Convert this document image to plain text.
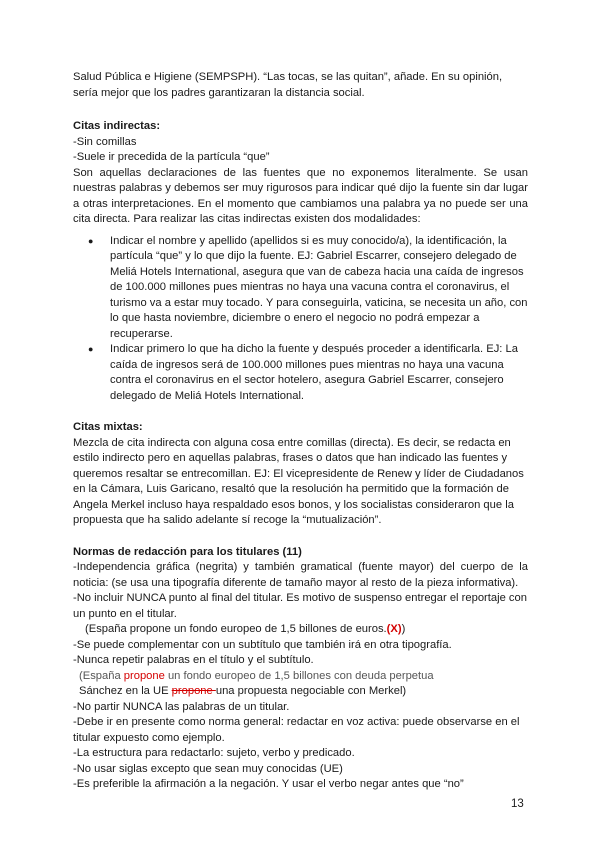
Salud Pública e Higiene (SEMPSPH). “Las tocas, se las quitan”, añade. En su opinión, sería mejor que los padres garantizaran la distancia social.

Citas indirectas:

-Sin comillas

-Suele ir precedida de la partícula “que”

Son aquellas declaraciones de las fuentes que no exponemos literalmente. Se usan nuestras palabras y debemos ser muy rigurosos para indicar qué dijo la fuente sin dar lugar a otras interpretaciones. En el momento que cambiamos una palabra ya no puede ser una cita directa. Para realizar las citas indirectas existen dos modalidades:

● Indicar el nombre y apellido (apellidos si es muy conocido/a), la identificación, la partícula “que” y lo que dijo la fuente. EJ: Gabriel Escarrer, consejero delegado de Meliá Hotels International, asegura que van de cabeza hacia una caída de ingresos de 100.000 millones pues mientras no haya una vacuna contra el coronavirus, el turismo va a estar muy tocado. Y para conseguirla, vaticina, se necesita un año, con lo que hasta noviembre, diciembre o enero el negocio no podrá empezar a recuperarse.
● Indicar primero lo que ha dicho la fuente y después proceder a identificarla. EJ: La caída de ingresos será de 100.000 millones pues mientras no haya una vacuna contra el coronavirus en el sector hotelero, asegura Gabriel Escarrer, consejero delegado de Meliá Hotels International.

Citas mixtas:

Mezcla de cita indirecta con alguna cosa entre comillas (directa). Es decir, se redacta en estilo indirecto pero en aquellas palabras, frases o datos que han indicado las fuentes y queremos resaltar se entrecomillan. EJ: El vicepresidente de Renew y líder de Ciudadanos en la Cámara, Luis Garicano, resaltó que la resolución ha permitido que la formación de Angela Merkel incluso haya respaldado esos bonos, y los socialistas consideraron que la propuesta que ha salido adelante sí recoge la “mutualización”.

Normas de redacción para los titulares (11)

-Independencia gráfica (negrita) y también gramatical (fuente mayor) del cuerpo de la noticia: (se usa una tipografía diferente de tamaño mayor al resto de la pieza informativa).

-No incluir NUNCA punto al final del titular. Es motivo de suspenso entregar el reportaje con un punto en el titular.

(España propone un fondo europeo de 1,5 billones de euros.(X))

-Se puede complementar con un subtítulo que también irá en otra tipografía.

-Nunca repetir palabras en el título y el subtítulo.

(España propone un fondo europeo de 1,5 billones con deuda perpetua

Sánchez en la UE propone una propuesta negociable con Merkel)

-No partir NUNCA las palabras de un titular.

-Debe ir en presente como norma general: redactar en voz activa: puede observarse en el titular expuesto como ejemplo.

-La estructura para redactarlo: sujeto, verbo y predicado.

-No usar siglas excepto que sean muy conocidas (UE)

-Es preferible la afirmación a la negación. Y usar el verbo negar antes que “no”

13
